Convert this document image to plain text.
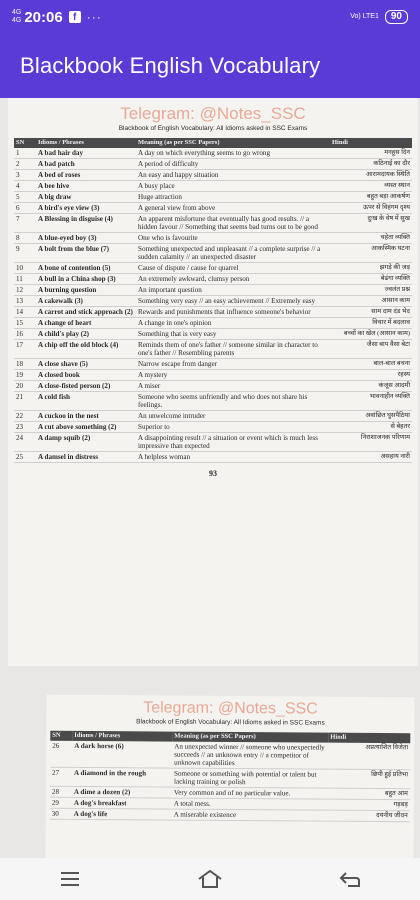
4G
4G 20:06	f ···	Vo) LTE1	90
Blackbook English Vocabulary
Telegram: @Notes_SSC
Blackbook of English Vocabulary: All Idioms asked in SSC Exams
SN	Idioms / Phrases	Meaning (as per SSC Papers)	Hindi
1	A bad hair day	A day on which everything seems to go wrong	मनहूस दिन
2	A bad patch	A period of difficulty	कठिनाई का दौर
3	A bed of roses	An easy and happy situation	आरामदायक स्थिति
4	A bee hive	A busy place	व्यस्त स्थान
5	A big draw	Huge attraction	बहुत बड़ा आकर्षण
6	A bird's eye view (3)	A general view from above	ऊपर से विहंगम दृश्य
7	A Blessing in disguise (4)	An apparent misfortune that eventually has good results. // a hidden favour // Something that seems bad turns out to be good	दुःख के वेष में सुख
8	A blue-eyed boy (3)	One who is favourite	चहेता व्यक्ति
9	A bolt from the blue (7)	Something unexpected and unpleasant // a complete surprise // a sudden calamity // an unexpected disaster	आकस्मिक घटना
10	A bone of contention (5)	Cause of dispute / cause for quarrel	झगड़े की जड़
11	A bull in a China shop (3)	An extremely awkward, clumsy person	बेढंगा व्यक्ति
12	A burning question	An important question	ज्वलंत प्रश्न
13	A cakewalk (3)	Something very easy // an easy achievement // Extremely easy	आसान काम
14	A carrot and stick approach (2)	Rewards and punishments that influence someone's behavior	साम दाम दंड भेद
15	A change of heart	A change in one's opinion	विचार में बदलाव
16	A child's play (2)	Something that is very easy	बच्चों का खेल (आसान काम)
17	A chip off the old block (4)	Reminds them of one's father // someone similar in character to one's father // Resembling parents	जैसा बाप वैसा बेटा
18	A close shave (5)	Narrow escape from danger	बाल-बाल बचना
19	A closed book	A mystery	रहस्य
20	A close-fisted person (2)	A miser	कंजूस आदमी
21	A cold fish	Someone who seems unfriendly and who does not share his feelings.	भावनाहीन व्यक्ति
22	A cuckoo in the nest	An unwelcome intruder	अवांछित घुसपैठिया
23	A cut above something (2)	Superior to	से बेहतर
24	A damp squib (2)	A disappointing result // a situation or event which is much less impressive than expected	निराशाजनक परिणाम
25	A damsel in distress	A helpless woman	असहाय नारी
93
Telegram: @Notes_SSC
Blackbook of English Vocabulary: All Idioms asked in SSC Exams
SN	Idioms / Phrases	Meaning (as per SSC Papers)	Hindi
26	A dark horse (6)	An unexpected winner // someone who unexpectedly succeeds // an unknown entry // a competitor of unknown capabilities	अप्रत्याशित विजेता
27	A diamond in the rough	Someone or something with potential or talent but lacking training or polish	छिपी हुई प्रतिभा
28	A dime a dozen (2)	Very common and of no particular value.	बहुत आम
29	A dog's breakfast	A total mess.	गड़बड़
30	A dog's life	A miserable existence	दयनीय जीवन
